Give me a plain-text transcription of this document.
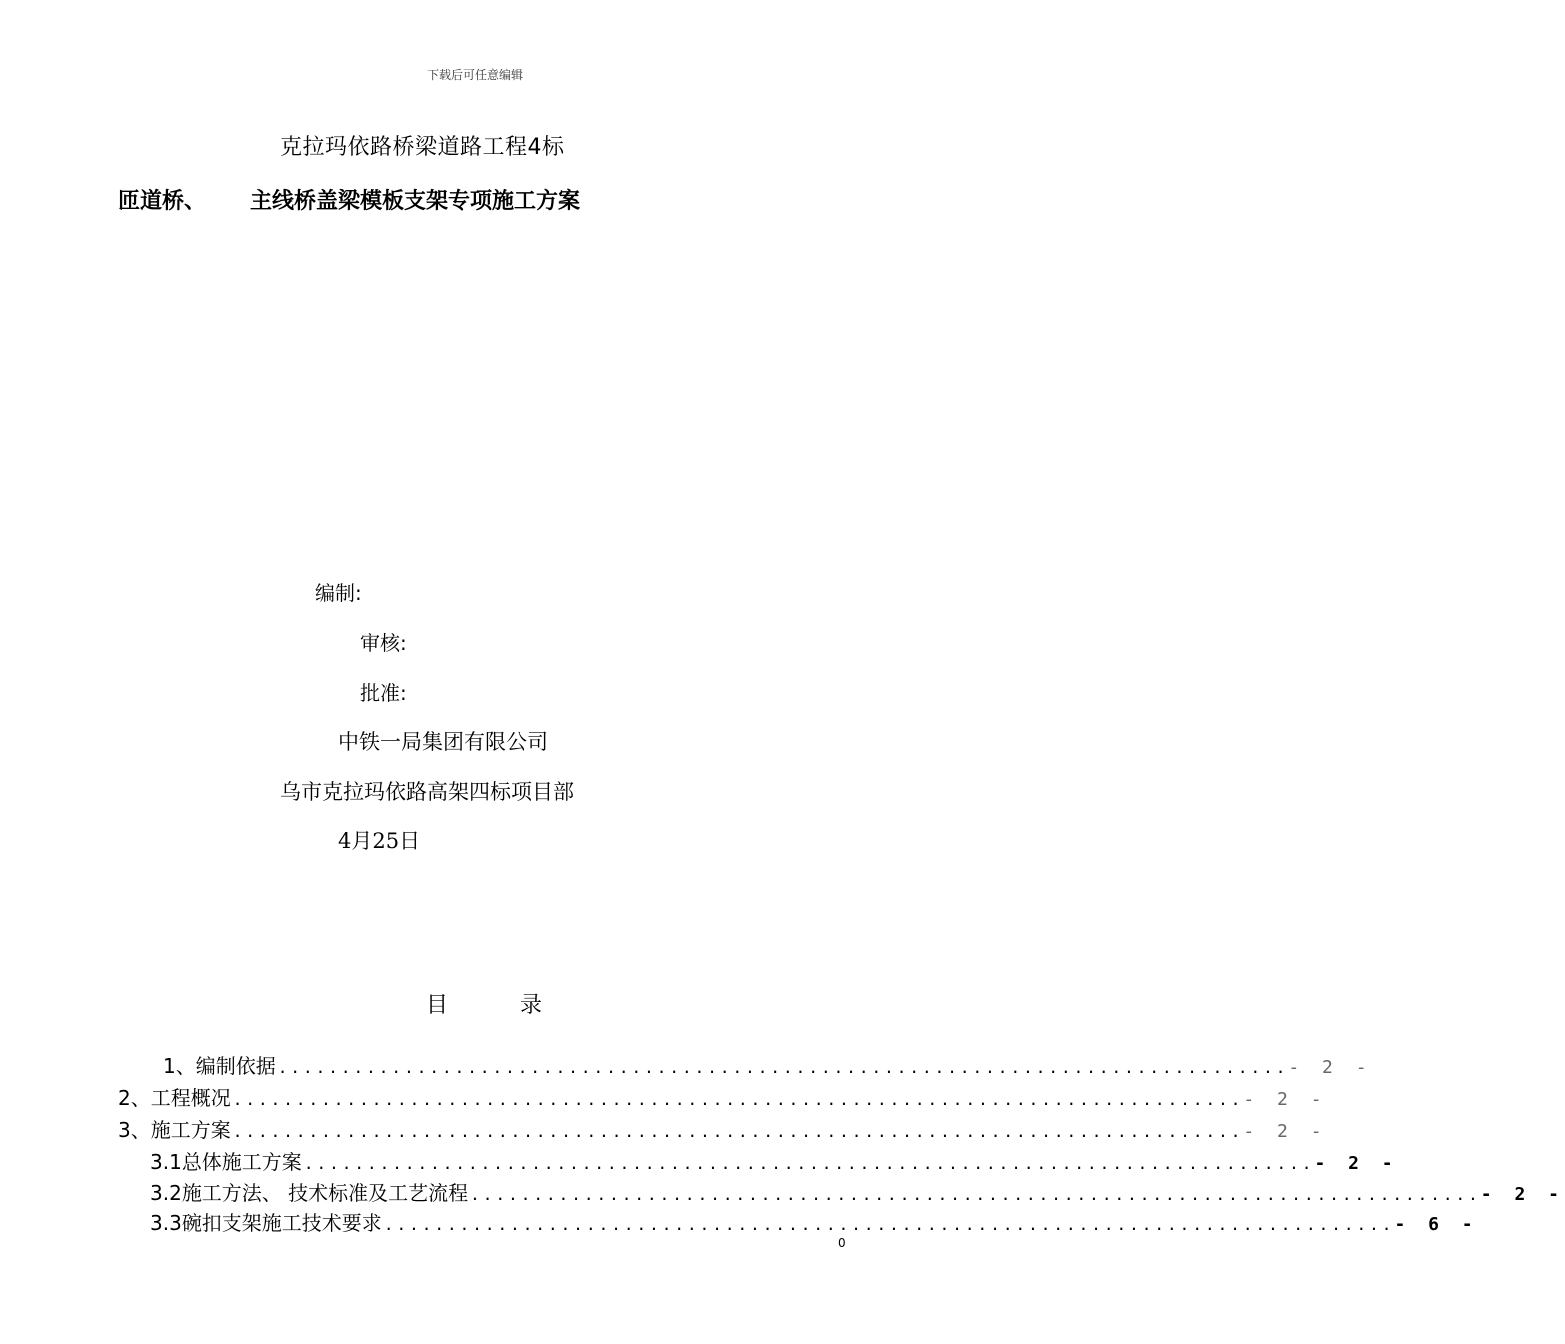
下载后可任意编辑
克拉玛依路桥梁道路工程4标
匝道桥、 主线桥盖梁模板支架专项施工方案
编制:
审核:
批准:
中铁一局集团有限公司
乌市克拉玛依路高架四标项目部
4月25日
目	录
1、 编制依据 ................................................................................ - 2 -
2、 工程概况 ................................................................................ - 2 -
3、 施工方案 ................................................................................ - 2 -
3.1 总体施工方案 ................................................................................ - 2 -
3.2 施工方法、 技术标准及工艺流程 ................................................................................ - 2 -
3.3 碗扣支架施工技术要求 ................................................................................ - 6 -
0
